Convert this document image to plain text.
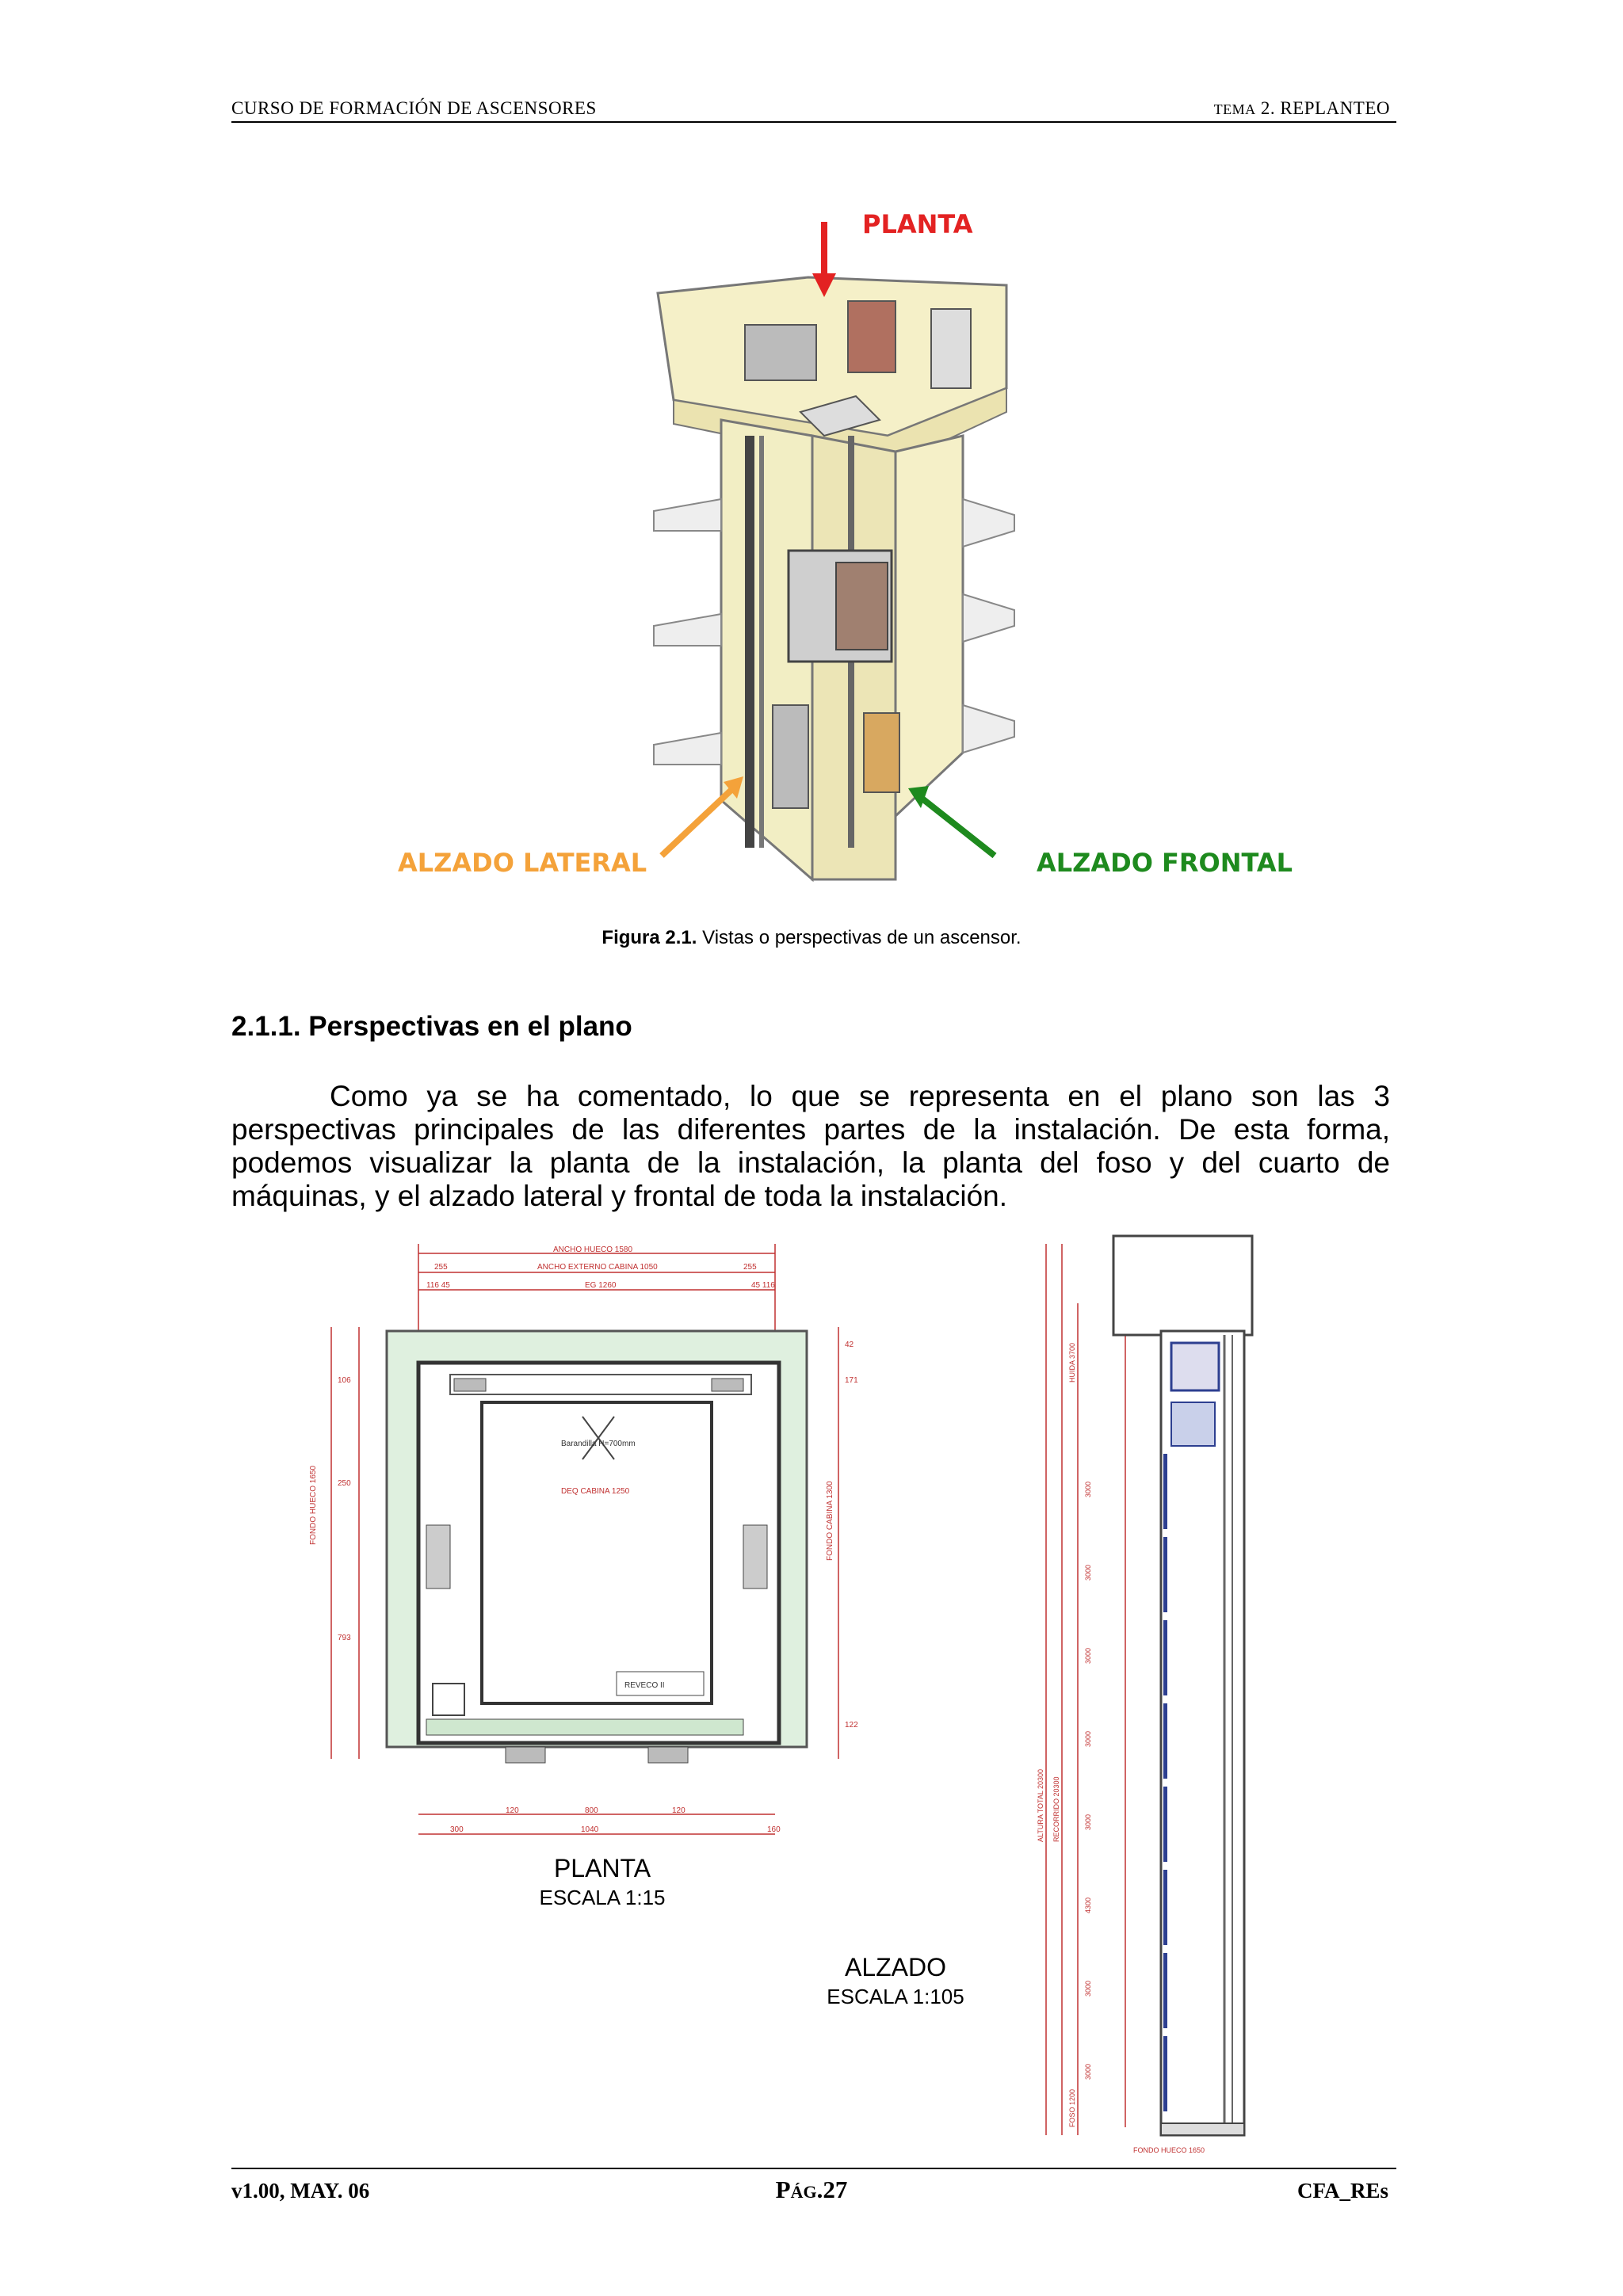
CURSO DE FORMACIÓN DE ASCENSORES	TEMA 2. REPLANTEO
PLANTA
ALZADO LATERAL	ALZADO FRONTAL
Figura 2.1. Vistas o perspectivas de un ascensor.
2.1.1. Perspectivas en el plano

Como ya se ha comentado, lo que se representa en el plano son las 3 perspectivas principales de las diferentes partes de la instalación. De esta forma, podemos visualizar la planta de la instalación, la planta del foso y del cuarto de máquinas, y el alzado lateral y frontal de toda la instalación.

ANCHO HUECO 1580
ANCHO EXTERNO CABINA 1050
EG 1260
255	255
116 45	45 116
Barandilla H=700mm
DEQ CABINA 1250
REVECO II
120	800	120
300	1040	160
106
250
793
42
171
122
FONDO HUECO 1650	FONDO CABINA 1300
PLANTA
ESCALA 1:15
ALZADO
ESCALA 1:105
ALTURA TOTAL 20300 RECORRIDO 20300
HUIDA 3700
FOSO 1200
FONDO HUECO 1650
3000
3000
3000
3000
3000
4300
3000
3000
v1.00, MAY. 06	PÁG.27	CFA_REs
